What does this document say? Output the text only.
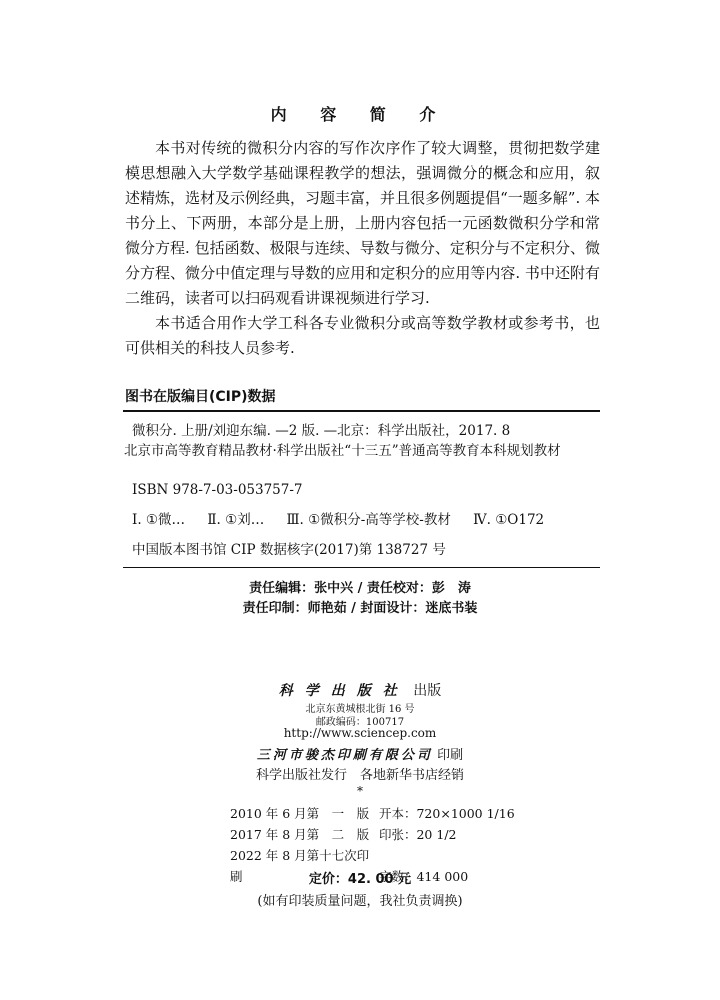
内 容 简 介

本书对传统的微积分内容的写作次序作了较大调整，贯彻把数学建模思想融入大学数学基础课程教学的想法，强调微分的概念和应用，叙述精炼，选材及示例经典，习题丰富，并且很多例题提倡“一题多解”. 本书分上、下两册，本部分是上册，上册内容包括一元函数微积分学和常微分方程. 包括函数、极限与连续、导数与微分、定积分与不定积分、微分方程、微分中值定理与导数的应用和定积分的应用等内容. 书中还附有二维码，读者可以扫码观看讲课视频进行学习.

本书适合用作大学工科各专业微积分或高等数学教材或参考书，也可供相关的科技人员参考.

图书在版编目(CIP)数据
微积分. 上册/刘迎东编. —2 版. —北京：科学出版社，2017. 8
北京市高等教育精品教材·科学出版社“十三五”普通高等教育本科规划教材
ISBN 978-7-03-053757-7
Ⅰ. ①微… Ⅱ. ①刘… Ⅲ. ①微积分-高等学校-教材 Ⅳ. ①O172
中国版本图书馆 CIP 数据核字(2017)第 138727 号
责任编辑：张中兴 / 责任校对：彭　涛
责任印制：师艳茹 / 封面设计：迷底书装
科学出版社 出版
北京东黄城根北街 16 号
邮政编码：100717
http://www.sciencep.com
三河市骏杰印刷有限公司 印刷
科学出版社发行　各地新华书店经销
*
2010 年 6 月第　一　版 开本：720×1000 1/16
2017 年 8 月第　二　版 印张：20 1/2
2022 年 8 月第十七次印刷	字数：414 000
定价：42. 00 元
(如有印装质量问题，我社负责调换)
